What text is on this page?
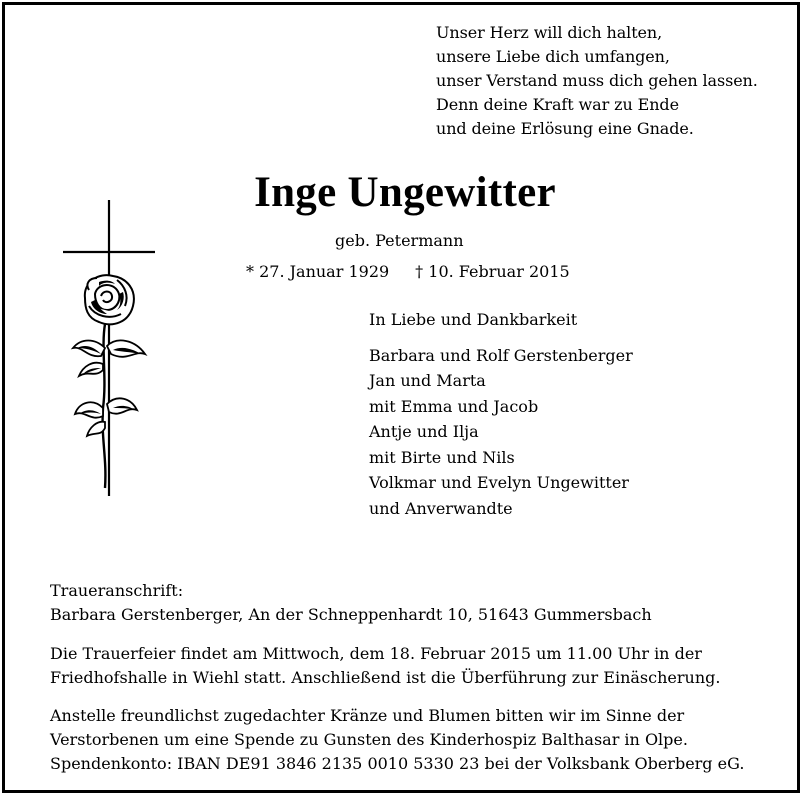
Unser Herz will dich halten,
unsere Liebe dich umfangen,
unser Verstand muss dich gehen lassen.
Denn deine Kraft war zu Ende
und deine Erlösung eine Gnade.
Inge Ungewitter
geb. Petermann
* 27. Januar 1929 † 10. Februar 2015
In Liebe und Dankbarkeit
Barbara und Rolf Gerstenberger
Jan und Marta
mit Emma und Jacob
Antje und Ilja
mit Birte und Nils
Volkmar und Evelyn Ungewitter
und Anverwandte
Traueranschrift:
Barbara Gerstenberger, An der Schneppenhardt 10, 51643 Gummersbach
Die Trauerfeier findet am Mittwoch, dem 18. Februar 2015 um 11.00 Uhr in der
Friedhofshalle in Wiehl statt. Anschließend ist die Überführung zur Einäscherung.
Anstelle freundlichst zugedachter Kränze und Blumen bitten wir im Sinne der
Verstorbenen um eine Spende zu Gunsten des Kinderhospiz Balthasar in Olpe.
Spendenkonto: IBAN DE91 3846 2135 0010 5330 23 bei der Volksbank Oberberg eG.
